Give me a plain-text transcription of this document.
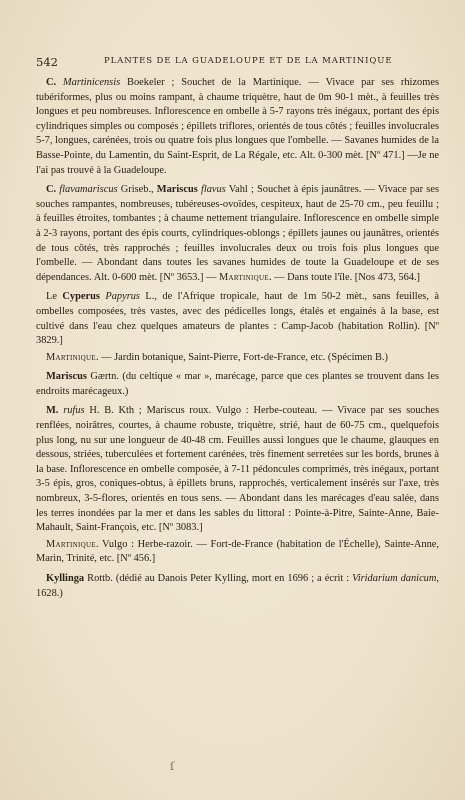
542	PLANTES DE LA GUADELOUPE ET DE LA MARTINIQUE

C. Martinicensis Boekeler ; Souchet de la Martinique. — Vivace par ses rhizomes tubériformes, plus ou moins rampant, à chaume triquètre, haut de 0m 90-1 mèt., à feuilles très longues et peu nombreuses. Inflorescence en ombelle à 5-7 rayons très inégaux, portant des épis cylindriques simples ou composés ; épillets triflores, orientés de tous côtés ; feuilles involucrales 5-7, longues, carénées, trois ou quatre fois plus longues que l'ombelle. — Savanes humides de la Basse-Pointe, du Lamentin, du Saint-Esprit, de La Régale, etc. Alt. 0-300 mèt. [Nº 471.] —Je ne l'ai pas trouvé à la Guadeloupe.

C. flavamariscus Griseb., Mariscus flavus Vahl ; Souchet à épis jaunâtres. — Vivace par ses souches rampantes, nombreuses, tubéreuses-ovoïdes, cespiteux, haut de 25-70 cm., peu feuillu ; à feuilles étroites, tombantes ; à chaume nettement triangulaire. Inflorescence en ombelle simple à 2-3 rayons, portant des épis courts, cylindriques-oblongs ; épillets jaunes ou jaunâtres, orientés de tous côtés, très rapprochés ; feuilles involucrales deux ou trois fois plus longues que l'ombelle. — Abondant dans toutes les savanes humides de toute la Guadeloupe et de ses dépendances. Alt. 0-600 mèt. [Nº 3653.] — Martinique. — Dans toute l'île. [Nos 473, 564.]

Le Cyperus Papyrus L., de l'Afrique tropicale, haut de 1m 50-2 mèt., sans feuilles, à ombelles composées, très vastes, avec des pédicelles longs, étalés et engainés à la base, est cultivé dans l'eau chez quelques amateurs de plantes : Camp-Jacob (habitation Rollin). [Nº 3829.]

Martinique. — Jardin botanique, Saint-Pierre, Fort-de-France, etc. (Spécimen B.)

Mariscus Gærtn. (du celtique « mar », marécage, parce que ces plantes se trouvent dans les endroits marécageux.)

M. rufus H. B. Kth ; Mariscus roux. Vulgo : Herbe-couteau. — Vivace par ses souches renflées, noirâtres, courtes, à chaume robuste, triquètre, strié, haut de 60-75 cm., quelquefois plus long, nu sur une longueur de 40-48 cm. Feuilles aussi longues que le chaume, glauques en dessous, striées, tuberculées et fortement carénées, très finement serretées sur les bords, brunes à la base. Inflorescence en ombelle composée, à 7-11 pédoncules comprimés, très inégaux, portant 3-5 épis, gros, coniques-obtus, à épillets bruns, rapprochés, verticalement insérés sur l'axe, très nombreux, 3-5-flores, orientés en tous sens. — Abondant dans les marécages d'eau salée, dans les terres inondées par la mer et dans les sables du littoral : Pointe-à-Pitre, Sainte-Anne, Baie-Mahault, Saint-François, etc. [Nº 3083.]

Martinique. Vulgo : Herbe-razoir. — Fort-de-France (habitation de l'Échelle), Sainte-Anne, Marin, Trinité, etc. [Nº 456.]

Kyllinga Rottb. (dédié au Danois Peter Kylling, mort en 1696 ; a écrit : Viridarium danicum, 1628.)

ſ
